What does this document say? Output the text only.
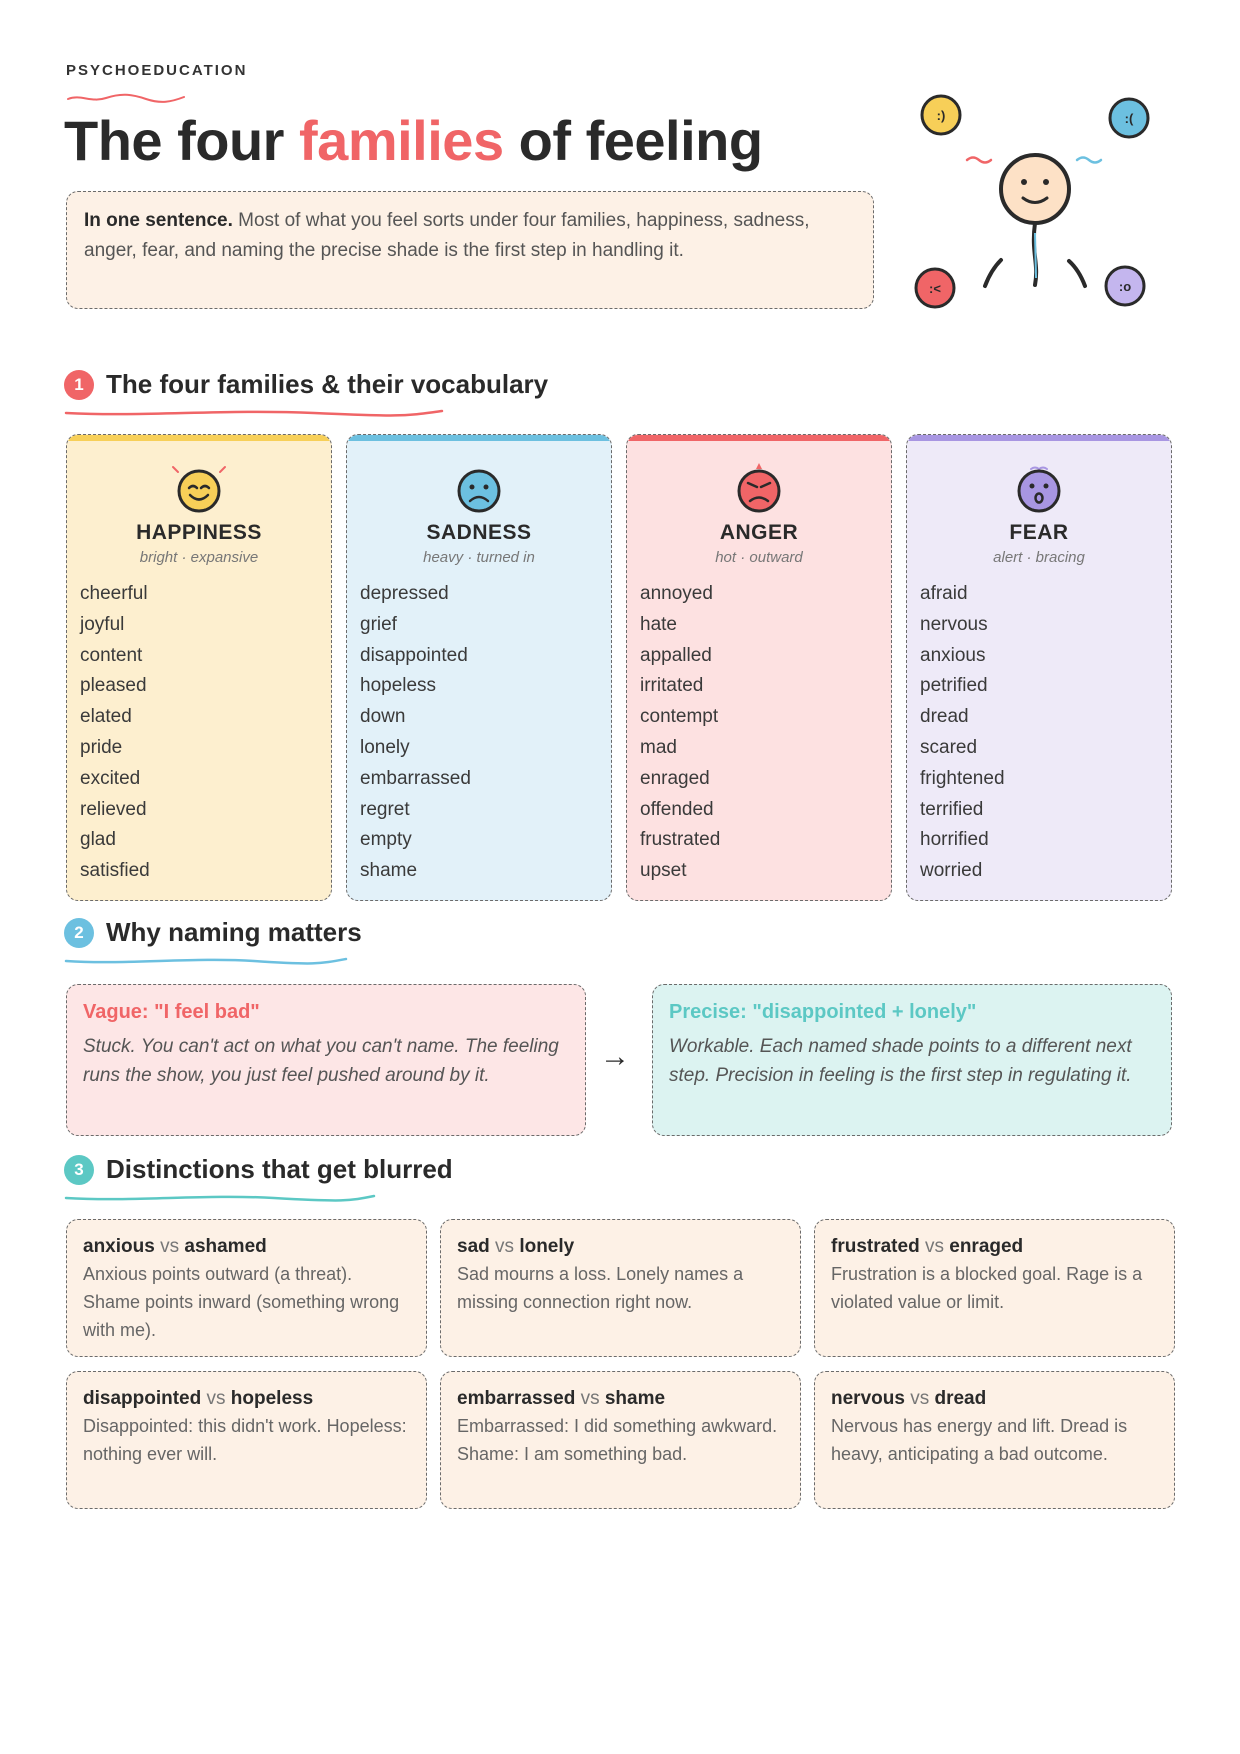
PSYCHOEDUCATION
The four families of feeling
In one sentence. Most of what you feel sorts under four families, happiness, sadness, anger, fear, and naming the precise shade is the first step in handling it.
:)	:(
:<	:o
1 The four families & their vocabulary
HAPPINESS
bright · expansive
cheerful
joyful
content
pleased
elated
pride
excited
relieved
glad
satisfied
SADNESS
heavy · turned in
depressed
grief
disappointed
hopeless
down
lonely
embarrassed
regret
empty
shame
ANGER
hot · outward
annoyed
hate
appalled
irritated
contempt
mad
enraged
offended
frustrated
upset
FEAR
alert · bracing
afraid
nervous
anxious
petrified
dread
scared
frightened
terrified
horrified
worried
2 Why naming matters
Vague: "I feel bad"
Stuck. You can't act on what you can't name. The feeling runs the show, you just feel pushed around by it.
→
Precise: "disappointed + lonely"
Workable. Each named shade points to a different next step. Precision in feeling is the first step in regulating it.
3 Distinctions that get blurred
anxious vs ashamed
Anxious points outward (a threat). Shame points inward (something wrong with me).
sad vs lonely
Sad mourns a loss. Lonely names a missing connection right now.
frustrated vs enraged
Frustration is a blocked goal. Rage is a violated value or limit.
disappointed vs hopeless
Disappointed: this didn't work. Hopeless: nothing ever will.
embarrassed vs shame
Embarrassed: I did something awkward. Shame: I am something bad.
nervous vs dread
Nervous has energy and lift. Dread is heavy, anticipating a bad outcome.
